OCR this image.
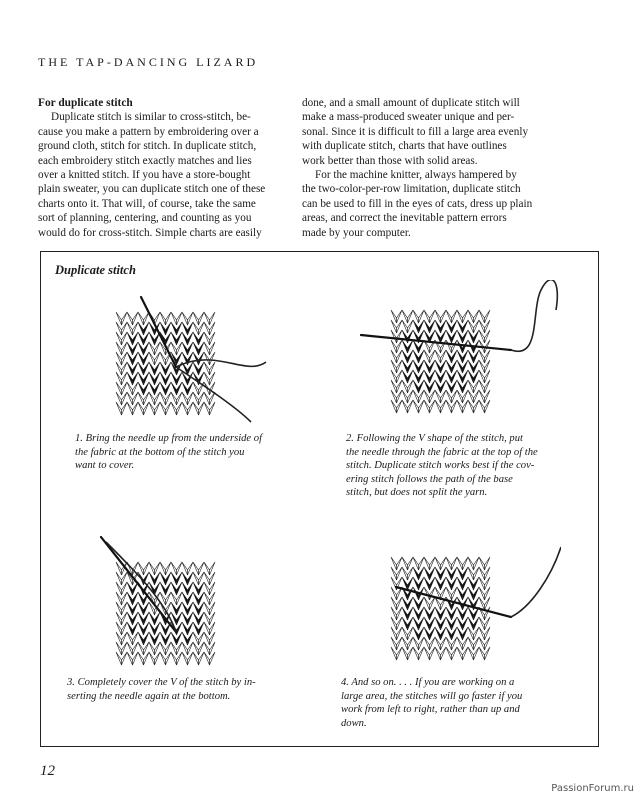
THE TAP-DANCING LIZARD
For duplicate stitch
Duplicate stitch is similar to cross-stitch, be-
cause you make a pattern by embroidering over a
ground cloth, stitch for stitch. In duplicate stitch,
each embroidery stitch exactly matches and lies
over a knitted stitch. If you have a store-bought
plain sweater, you can duplicate stitch one of these
charts onto it. That will, of course, take the same
sort of planning, centering, and counting as you
would do for cross-stitch. Simple charts are easily
done, and a small amount of duplicate stitch will
make a mass-produced sweater unique and per-
sonal. Since it is difficult to fill a large area evenly
with duplicate stitch, charts that have outlines
work better than those with solid areas.
For the machine knitter, always hampered by
the two-color-per-row limitation, duplicate stitch
can be used to fill in the eyes of cats, dress up plain
areas, and correct the inevitable pattern errors
made by your computer.
Duplicate stitch
1. Bring the needle up from the underside of
the fabric at the bottom of the stitch you
want to cover.
2. Following the V shape of the stitch, put
the needle through the fabric at the top of the
stitch. Duplicate stitch works best if the cov-
ering stitch follows the path of the base
stitch, but does not split the yarn.
3. Completely cover the V of the stitch by in-
serting the needle again at the bottom.
4. And so on. . . . If you are working on a
large area, the stitches will go faster if you
work from left to right, rather than up and
down.
12
PassionForum.ru
